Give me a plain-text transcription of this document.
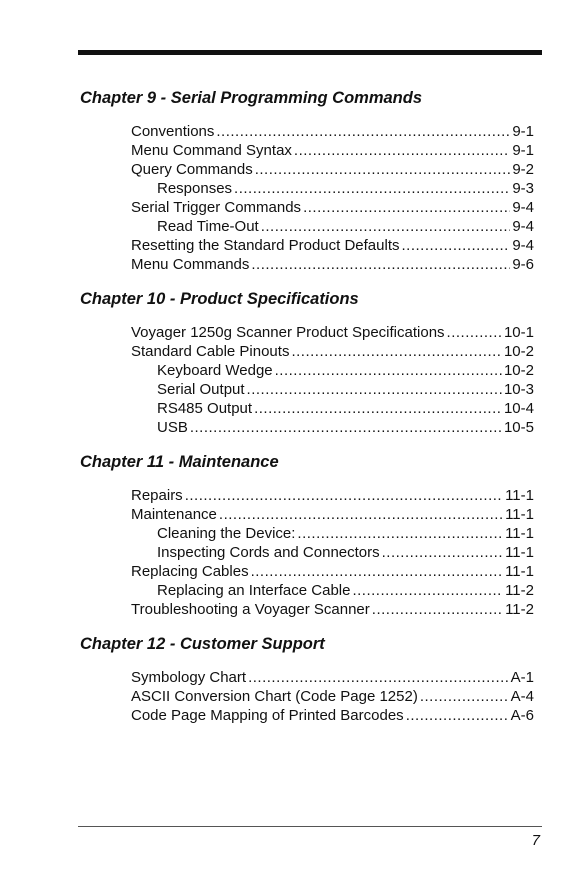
Chapter 9 - Serial Programming Commands
Conventions .....	9-1
Menu Command Syntax .....	9-1
Query Commands .....	9-2
Responses .....	9-3
Serial Trigger Commands .....	9-4
Read Time-Out .....	9-4
Resetting the Standard Product Defaults .....	9-4
Menu Commands .....	9-6
Chapter 10 - Product Specifications
Voyager 1250g Scanner Product Specifications .....	10-1
Standard Cable Pinouts .....	10-2
Keyboard Wedge .....	10-2
Serial Output .....	10-3
RS485 Output .....	10-4
USB .....	10-5
Chapter 11 - Maintenance
Repairs .....	11-1
Maintenance .....	11-1
Cleaning the Device: .....	11-1
Inspecting Cords and Connectors .....	11-1
Replacing Cables .....	11-1
Replacing an Interface Cable .....	11-2
Troubleshooting a Voyager Scanner .....	11-2
Chapter 12 - Customer Support
Symbology Chart .....	A-1
ASCII Conversion Chart (Code Page 1252) .....	A-4
Code Page Mapping of Printed Barcodes .....	A-6
7
